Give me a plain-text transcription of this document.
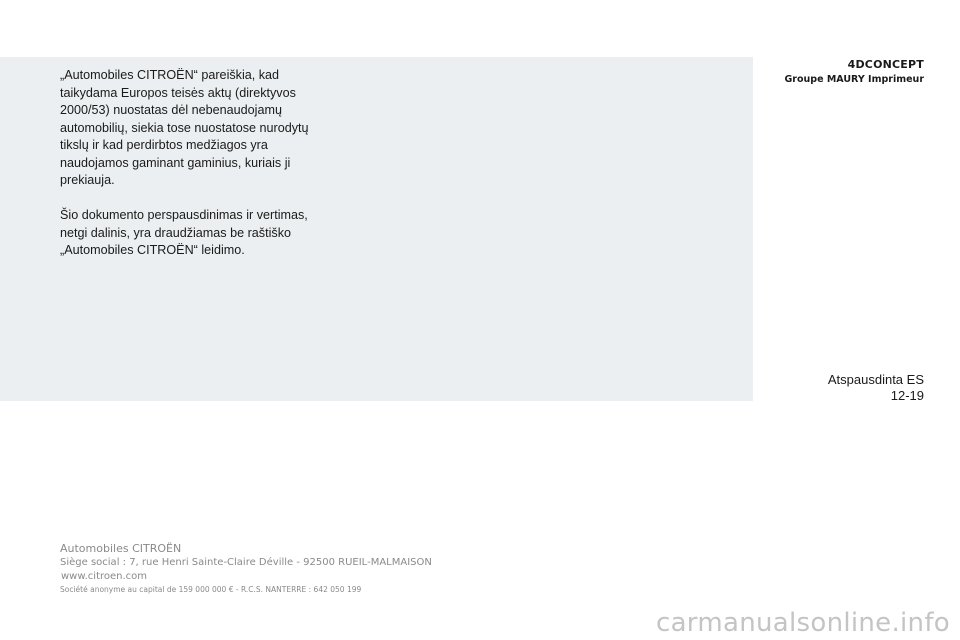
„Automobiles CITROËN“ pareiškia, kad
taikydama Europos teisės aktų (direktyvos
2000/53) nuostatas dėl nebenaudojamų
automobilių, siekia tose nuostatose nurodytų
tikslų ir kad perdirbtos medžiagos yra
naudojamos gaminant gaminius, kuriais ji
prekiauja.

Šio dokumento perspausdinimas ir vertimas,
netgi dalinis, yra draudžiamas be raštiško
„Automobiles CITROËN“ leidimo.

4DCONCEPT
Groupe MAURY Imprimeur
Atspausdinta ES
12-19
Automobiles CITROËN
Siège social : 7, rue Henri Sainte-Claire Déville - 92500 RUEIL-MALMAISON
www.citroen.com
Société anonyme au capital de 159 000 000 € - R.C.S. NANTERRE : 642 050 199
carmanualsonline.info
